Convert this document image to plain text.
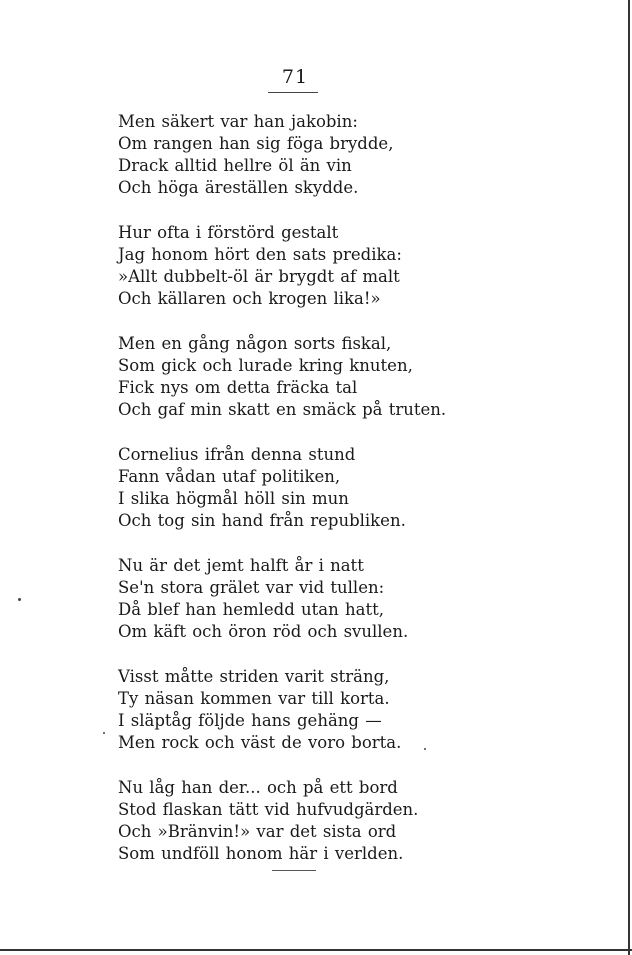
71
Men säkert var han jakobin:
Om rangen han sig föga brydde,
Drack alltid hellre öl än vin
Och höga äreställen skydde.
Hur ofta i förstörd gestalt
Jag honom hört den sats predika:
»Allt dubbelt-öl är brygdt af malt
Och källaren och krogen lika!»
Men en gång någon sorts fiskal,
Som gick och lurade kring knuten,
Fick nys om detta fräcka tal
Och gaf min skatt en smäck på truten.
Cornelius ifrån denna stund
Fann vådan utaf politiken,
I slika högmål höll sin mun
Och tog sin hand från republiken.
Nu är det jemt halft år i natt
Se'n stora grälet var vid tullen:
Då blef han hemledd utan hatt,
Om käft och öron röd och svullen.
Visst måtte striden varit sträng,
Ty näsan kommen var till korta.
I släptåg följde hans gehäng —
Men rock och väst de voro borta.
Nu låg han der... och på ett bord
Stod flaskan tätt vid hufvudgärden.
Och »Bränvin!» var det sista ord
Som undföll honom här i verlden.
